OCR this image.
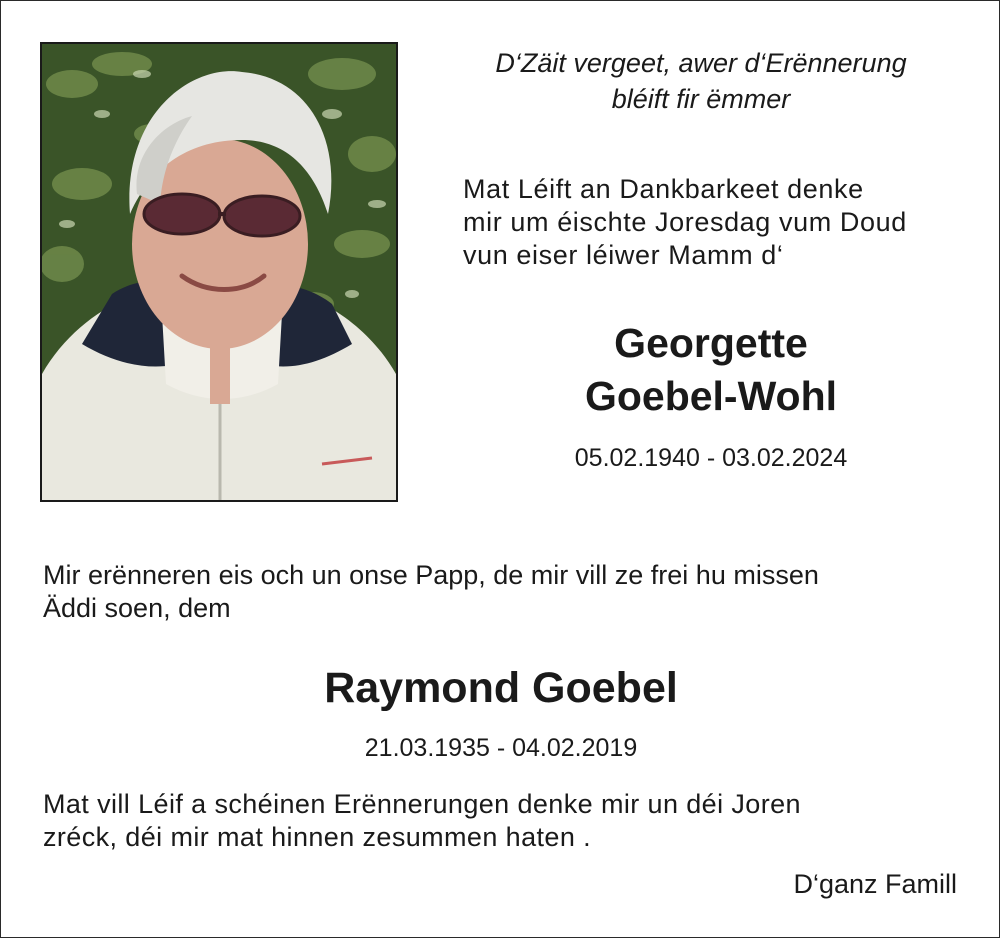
D‘Zäit vergeet, awer d‘Erënnerung
bléift fir ëmmer
Mat Léift an Dankbarkeet denke
mir um éischte Joresdag vum Doud
vun eiser léiwer Mamm d‘
Georgette
Goebel-Wohl
05.02.1940 - 03.02.2024
Mir erënneren eis och un onse Papp, de mir vill ze frei hu missen
Äddi soen, dem
Raymond Goebel
21.03.1935 - 04.02.2019
Mat vill Léif a schéinen Erënnerungen denke mir un déi Joren
zréck, déi mir mat hinnen zesummen haten .
D‘ganz Famill
